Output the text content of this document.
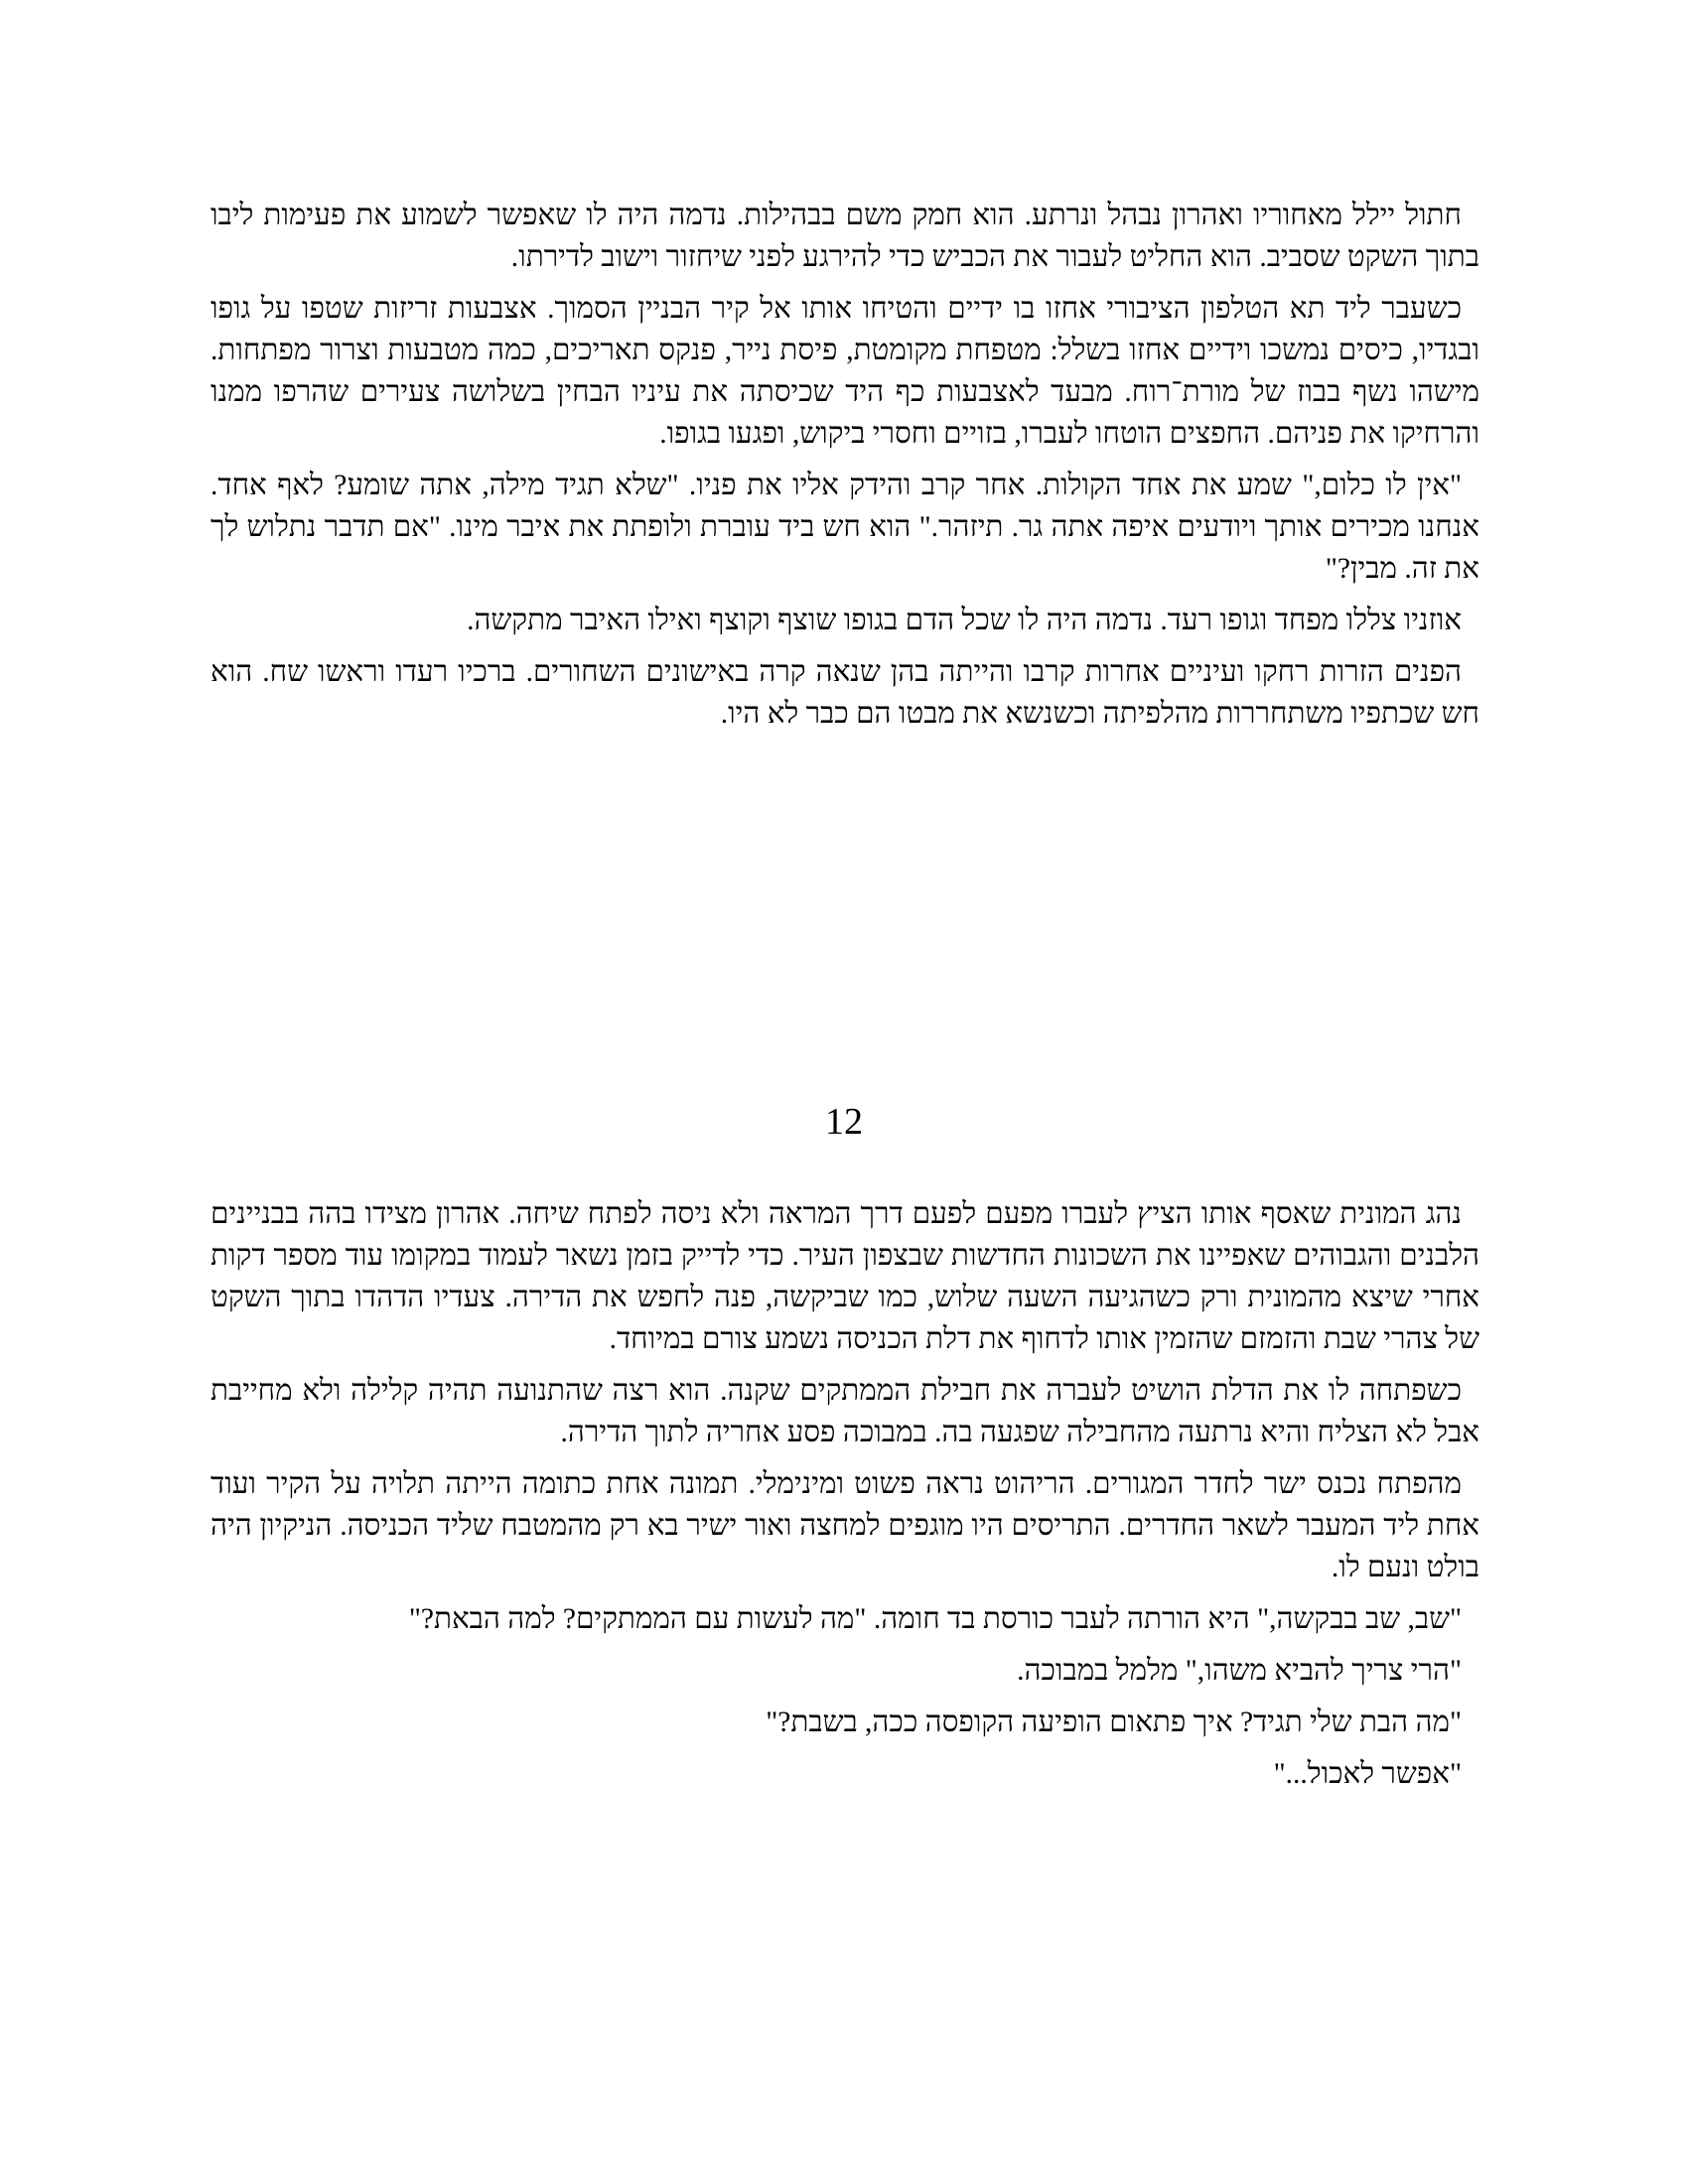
חתול יילל מאחוריו ואהרון נבהל ונרתע. הוא חמק משם בבהילות. נדמה היה לו שאפשר לשמוע את פעימות ליבו בתוך השקט שסביב. הוא החליט לעבור את הכביש כדי להירגע לפני שיחזור וישוב לדירתו.

כשעבר ליד תא הטלפון הציבורי אחזו בו ידיים והטיחו אותו אל קיר הבניין הסמוך. אצבעות זריזות שטפו על גופו ובגדיו, כיסים נמשכו וידיים אחזו בשלל: מטפחת מקומטת, פיסת נייר, פנקס תאריכים, כמה מטבעות וצרור מפתחות. מישהו נשף בבוז של מורת־רוח. מבעד לאצבעות כף היד שכיסתה את עיניו הבחין בשלושה צעירים שהרפו ממנו והרחיקו את פניהם. החפצים הוטחו לעברו, בזויים וחסרי ביקוש, ופגעו בגופו.

"אין לו כלום," שמע את אחד הקולות. אחר קרב והידק אליו את פניו. "שלא תגיד מילה, אתה שומע? לאף אחד. אנחנו מכירים אותך ויודעים איפה אתה גר. תיזהר." הוא חש ביד עוברת ולופתת את איבר מינו. "אם תדבר נתלוש לך את זה. מבין?"

אוזניו צללו מפחד וגופו רעד. נדמה היה לו שכל הדם בגופו שוצף וקוצף ואילו האיבר מתקשה.

הפנים הזרות רחקו ועיניים אחרות קרבו והייתה בהן שנאה קרה באישונים השחורים. ברכיו רעדו וראשו שח. הוא חש שכתפיו משתחררות מהלפיתה וכשנשא את מבטו הם כבר לא היו.

12

נהג המונית שאסף אותו הציץ לעברו מפעם לפעם דרך המראה ולא ניסה לפתח שיחה. אהרון מצידו בהה בבניינים הלבנים והגבוהים שאפיינו את השכונות החדשות שבצפון העיר. כדי לדייק בזמן נשאר לעמוד במקומו עוד מספר דקות אחרי שיצא מהמונית ורק כשהגיעה השעה שלוש, כמו שביקשה, פנה לחפש את הדירה. צעדיו הדהדו בתוך השקט של צהרי שבת והזמזם שהזמין אותו לדחוף את דלת הכניסה נשמע צורם במיוחד.

כשפתחה לו את הדלת הושיט לעברה את חבילת הממתקים שקנה. הוא רצה שהתנועה תהיה קלילה ולא מחייבת אבל לא הצליח והיא נרתעה מהחבילה שפגעה בה. במבוכה פסע אחריה לתוך הדירה.

מהפתח נכנס ישר לחדר המגורים. הריהוט נראה פשוט ומינימלי. תמונה אחת כתומה הייתה תלויה על הקיר ועוד אחת ליד המעבר לשאר החדרים. התריסים היו מוגפים למחצה ואור ישיר בא רק מהמטבח שליד הכניסה. הניקיון היה בולט ונעם לו.

"שב, שב בבקשה," היא הורתה לעבר כורסת בד חומה. "מה לעשות עם הממתקים? למה הבאת?"

"הרי צריך להביא משהו," מלמל במבוכה.

"מה הבת שלי תגיד? איך פתאום הופיעה הקופסה ככה, בשבת?"

"אפשר לאכול..."
